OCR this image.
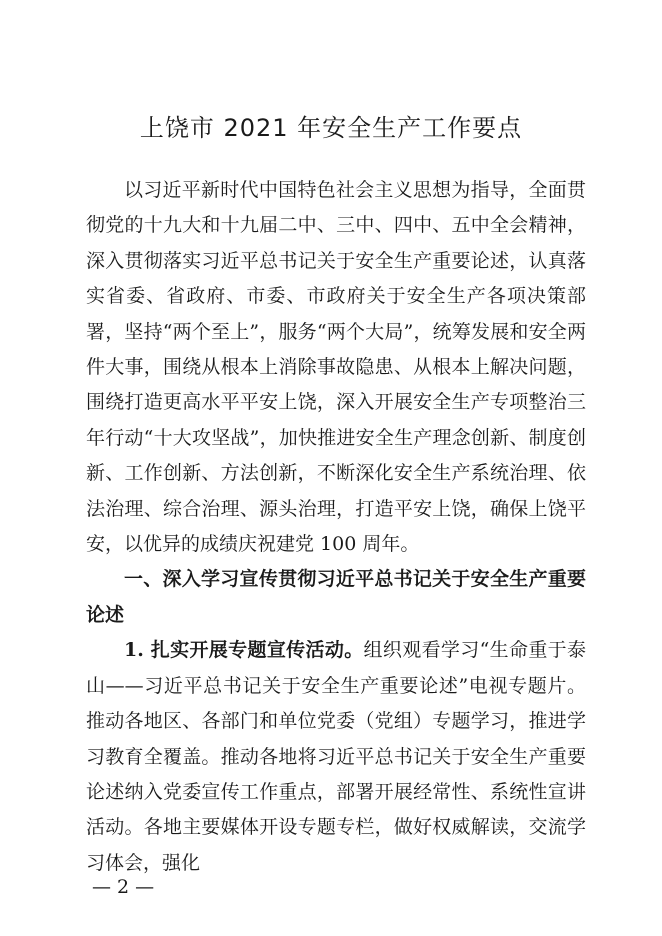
上饶市 2021 年安全生产工作要点

以习近平新时代中国特色社会主义思想为指导，全面贯彻党的十九大和十九届二中、三中、四中、五中全会精神，深入贯彻落实习近平总书记关于安全生产重要论述，认真落实省委、省政府、市委、市政府关于安全生产各项决策部署，坚持“两个至上”，服务“两个大局”，统筹发展和安全两件大事，围绕从根本上消除事故隐患、从根本上解决问题，围绕打造更高水平平安上饶，深入开展安全生产专项整治三年行动“十大攻坚战”，加快推进安全生产理念创新、制度创新、工作创新、方法创新，不断深化安全生产系统治理、依法治理、综合治理、源头治理，打造平安上饶，确保上饶平安，以优异的成绩庆祝建党 100 周年。

一、深入学习宣传贯彻习近平总书记关于安全生产重要论述

1. 扎实开展专题宣传活动。组织观看学习“生命重于泰山——习近平总书记关于安全生产重要论述”电视专题片。推动各地区、各部门和单位党委（党组）专题学习，推进学习教育全覆盖。推动各地将习近平总书记关于安全生产重要论述纳入党委宣传工作重点，部署开展经常性、系统性宣讲活动。各地主要媒体开设专题专栏，做好权威解读，交流学习体会，强化

— 2 —
